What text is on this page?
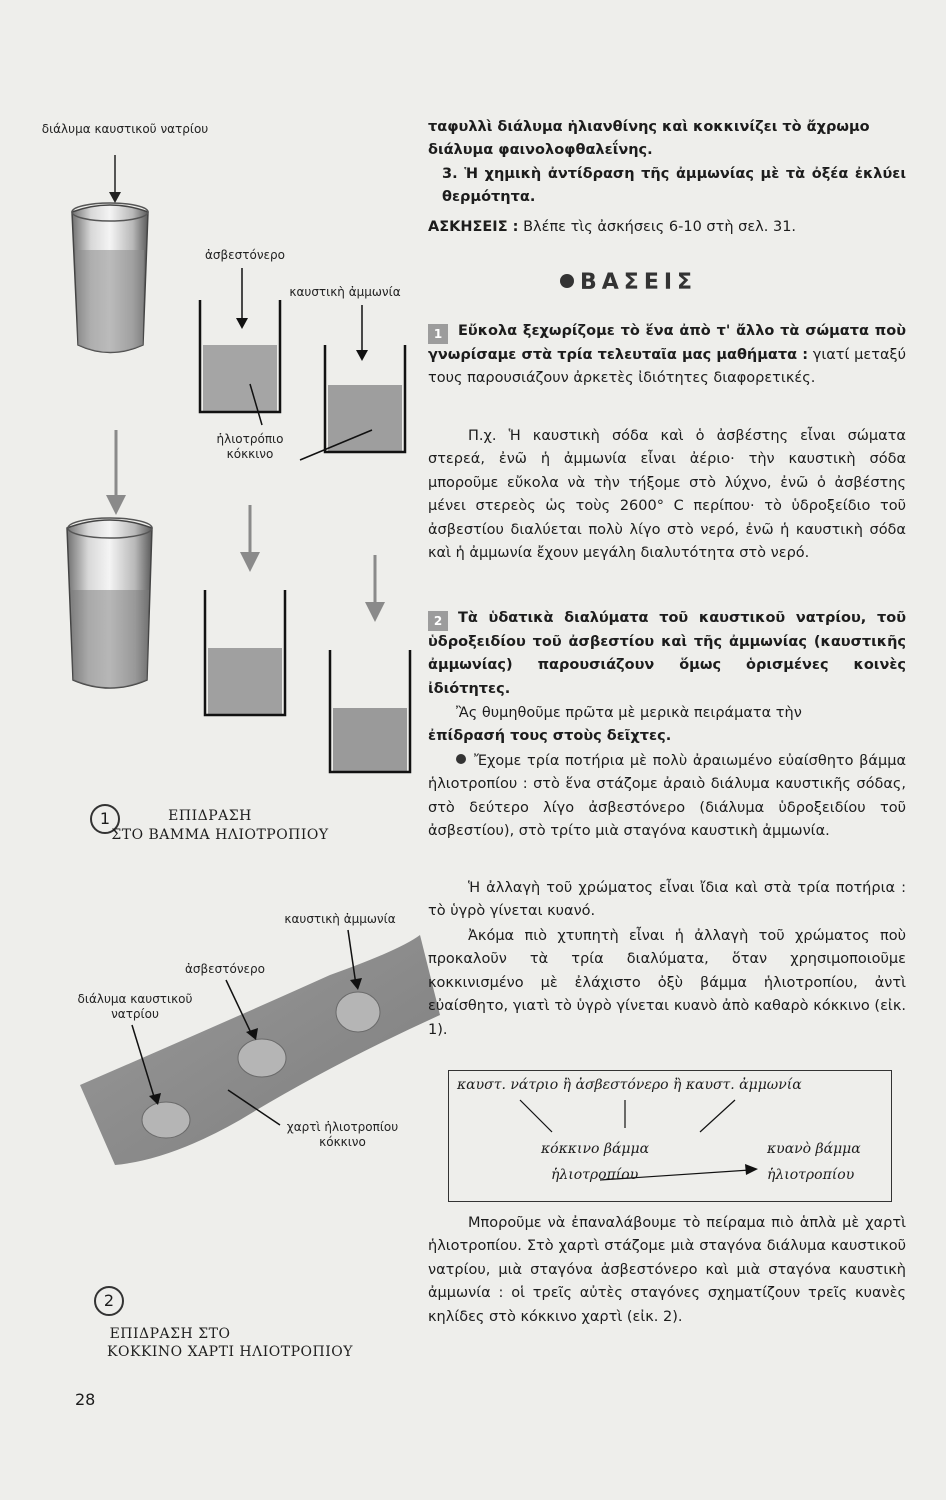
διάλυμα καυστικοῦ νατρίου
ἀσβεστόνερο
καυστικὴ ἀμμωνία
ἡλιοτρόπιο κόκκινο
1	ΕΠΙΔΡΑΣΗ
ΣΤΟ ΒΑΜΜΑ ΗΛΙΟΤΡΟΠΙΟΥ
καυστικὴ ἀμμωνία
ἀσβεστόνερο
διάλυμα καυστικοῦ νατρίου
χαρτὶ ἡλιοτροπίου κόκκινο
2
ΕΠΙΔΡΑΣΗ ΣΤΟ
ΚΟΚΚΙΝΟ ΧΑΡΤΙ ΗΛΙΟΤΡΟΠΙΟΥ

ταφυλλὶ διάλυμα ἡλιανθίνης καὶ κοκκινίζει τὸ ἄχρωμο

διάλυμα φαινολοφθαλεΐνης.

3. Ἡ χημικὴ ἀντίδραση τῆς ἀμμωνίας μὲ τὰ ὀξέα ἐκλύει θερμότητα.
ΑΣΚΗΣΕΙΣ : Βλέπε τὶς ἀσκήσεις 6-10 στὴ σελ. 31.
ΒΑΣΕΙΣ

1 Εὔκολα ξεχωρίζομε τὸ ἕνα ἀπὸ τ' ἄλλο τὰ σώματα ποὺ γνωρίσαμε στὰ τρία τελευταῖα μας μαθήματα : γιατί μεταξύ τους παρουσιάζουν ἀρκετὲς ἰδιότητες διαφορετικές.

Π.χ. Ἡ καυστικὴ σόδα καὶ ὁ ἀσβέστης εἶναι σώματα στερεά, ἐνῶ ἡ ἀμμωνία εἶναι ἀέριο· τὴν καυστικὴ σόδα μποροῦμε εὔκολα νὰ τὴν τήξομε στὸ λύχνο, ἐνῶ ὁ ἀσβέστης μένει στερεὸς ὡς τοὺς 2600° C περίπου· τὸ ὑδροξείδιο τοῦ ἀσβεστίου διαλύεται πολὺ λίγο στὸ νερό, ἐνῶ ἡ καυστικὴ σόδα καὶ ἡ ἀμμωνία ἔχουν μεγάλη διαλυτότητα στὸ νερό.

2 Τὰ ὑδατικὰ διαλύματα τοῦ καυστικοῦ νατρίου, τοῦ ὑδροξειδίου τοῦ ἀσβεστίου καὶ τῆς ἀμμωνίας (καυστικῆς ἀμμωνίας) παρουσιάζουν ὅμως ὁρισμένες κοινὲς ἰδιότητες.

Ἂς θυμηθοῦμε πρῶτα μὲ μερικὰ πειράματα τὴν

ἐπίδρασή τους στοὺς δεῖχτες.

Ἔχομε τρία ποτήρια μὲ πολὺ ἀραιωμένο εὐαίσθητο βάμμα ἡλιοτροπίου : στὸ ἕνα στάζομε ἀραιὸ διάλυμα καυστικῆς σόδας, στὸ δεύτερο λίγο ἀσβεστόνερο (διάλυμα ὑδροξειδίου τοῦ ἀσβεστίου), στὸ τρίτο μιὰ σταγόνα καυστικὴ ἀμμωνία.
Ἡ ἀλλαγὴ τοῦ χρώματος εἶναι ἴδια καὶ στὰ τρία ποτήρια : τὸ ὑγρὸ γίνεται κυανό.
Ἀκόμα πιὸ χτυπητὴ εἶναι ἡ ἀλλαγὴ τοῦ χρώματος ποὺ προκαλοῦν τὰ τρία διαλύματα, ὅταν χρησιμοποιοῦμε κοκκινισμένο μὲ ἐλάχιστο ὀξὺ βάμμα ἡλιοτροπίου, ἀντὶ εὐαίσθητο, γιατὶ τὸ ὑγρὸ γίνεται κυανὸ ἀπὸ καθαρὸ κόκκινο (εἰκ. 1).
καυστ. νάτριο ἢ ἀσβεστόνερο ἢ καυστ. ἀμμωνία
κόκκινο βάμμα
ἡλιοτροπίου
κυανὸ βάμμα
ἡλιοτροπίου
Μποροῦμε νὰ ἐπαναλάβουμε τὸ πείραμα πιὸ ἁπλὰ μὲ χαρτὶ ἡλιοτροπίου. Στὸ χαρτὶ στάζομε μιὰ σταγόνα διάλυμα καυστικοῦ νατρίου, μιὰ σταγόνα ἀσβεστόνερο καὶ μιὰ σταγόνα καυστικὴ ἀμμωνία : οἱ τρεῖς αὐτὲς σταγόνες σχηματίζουν τρεῖς κυανὲς κηλίδες στὸ κόκκινο χαρτὶ (εἰκ. 2).
28
